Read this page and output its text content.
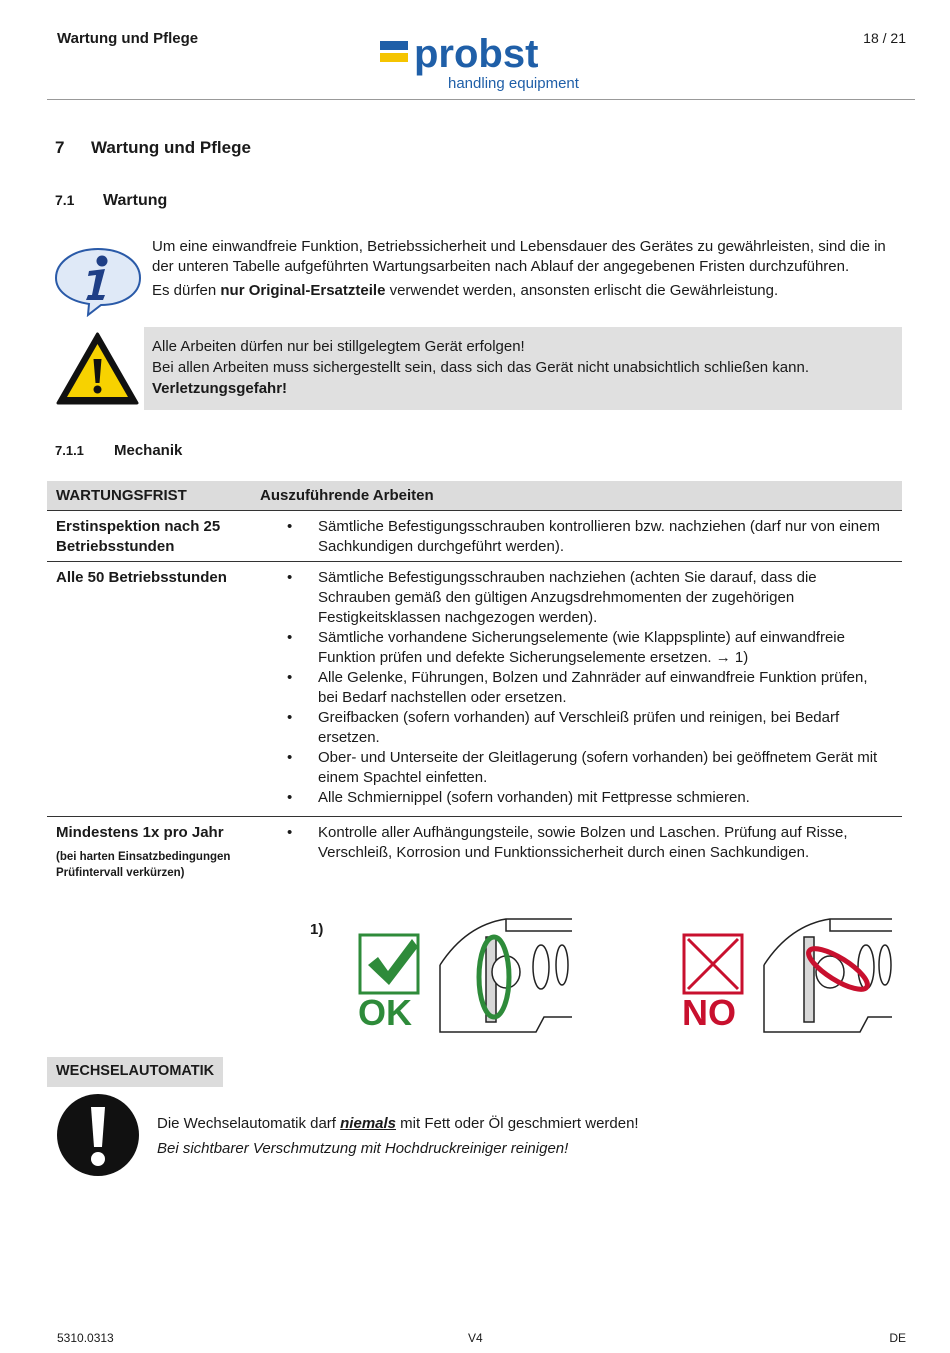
Wartung und Pflege	18 / 21
probst
handling equipment
7 Wartung und Pflege
7.1 Wartung

Um eine einwandfreie Funktion, Betriebssicherheit und Lebensdauer des Gerätes zu gewährleisten, sind die in der unteren Tabelle aufgeführten Wartungsarbeiten nach Ablauf der angegebenen Fristen durchzuführen.

Es dürfen nur Original-Ersatzteile verwendet werden, ansonsten erlischt die Gewährleistung.

Alle Arbeiten dürfen nur bei stillgelegtem Gerät erfolgen!

Bei allen Arbeiten muss sichergestellt sein, dass sich das Gerät nicht unabsichtlich schließen kann.

Verletzungsgefahr!

7.1.1 Mechanik
WARTUNGSFRIST	Auszuführende Arbeiten
Erstinspektion nach 25 Betriebsstunden
• Sämtliche Befestigungsschrauben kontrollieren bzw. nachziehen (darf nur von einem Sachkundigen durchgeführt werden).
Alle 50 Betriebsstunden
•	Sämtliche Befestigungsschrauben nachziehen (achten Sie darauf, dass die Schrauben gemäß den gültigen Anzugsdrehmomenten der zugehörigen Festigkeitsklassen nachgezogen werden).
• Sämtliche vorhandene Sicherungselemente (wie Klappsplinte) auf einwandfreie Funktion prüfen und defekte Sicherungselemente ersetzen. → 1)
• Alle Gelenke, Führungen, Bolzen und Zahnräder auf einwandfreie Funktion prüfen, bei Bedarf nachstellen oder ersetzen.
• Greifbacken (sofern vorhanden) auf Verschleiß prüfen und reinigen, bei Bedarf ersetzen.
• Ober- und Unterseite der Gleitlagerung (sofern vorhanden) bei geöffnetem Gerät mit einem Spachtel einfetten.
• Alle Schmiernippel (sofern vorhanden) mit Fettpresse schmieren.
Mindestens 1x pro Jahr
(bei harten Einsatzbedingungen Prüfintervall verkürzen)
• Kontrolle aller Aufhängungsteile, sowie Bolzen und Laschen. Prüfung auf Risse, Verschleiß, Korrosion und Funktionssicherheit durch einen Sachkundigen.
1)
OK	NO
WECHSELAUTOMATIK

Die Wechselautomatik darf niemals mit Fett oder Öl geschmiert werden!

Bei sichtbarer Verschmutzung mit Hochdruckreiniger reinigen!

5310.0313	V4	DE
